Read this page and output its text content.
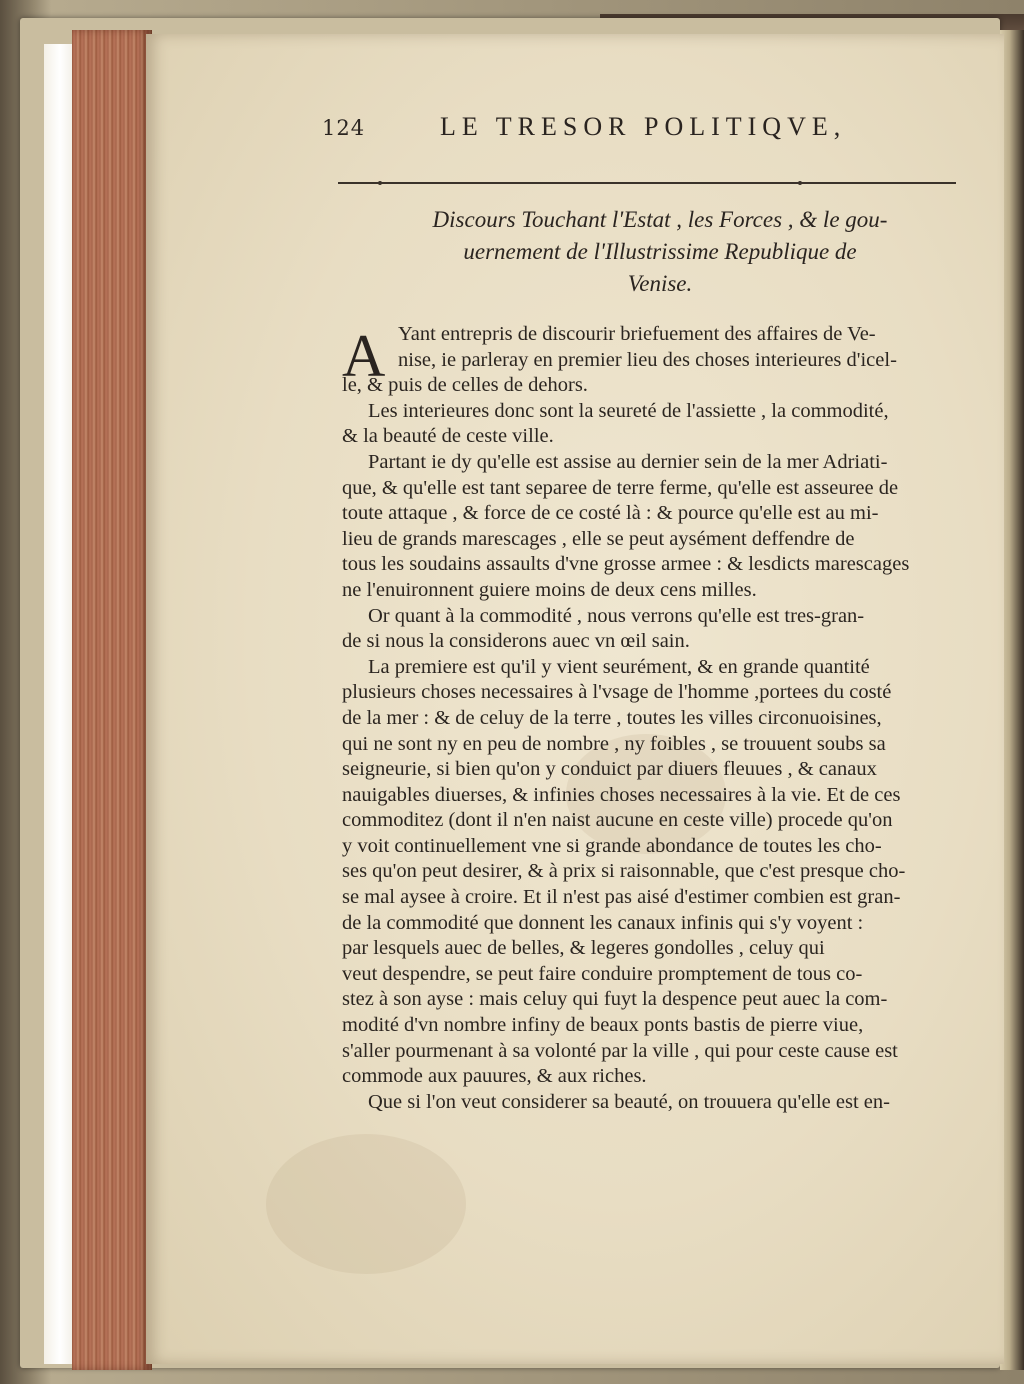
124	LE TRESOR POLITIQVE,
Discours Touchant l'Estat , les Forces , & le gou-
uernement de l'Illustrissime Republique de
Venise.
A Yant entrepris de discourir briefuement des affaires de Ve-
nise, ie parleray en premier lieu des choses interieures d'icel-
le, & puis de celles de dehors.
Les interieures donc sont la seureté de l'assiette , la commodité,
& la beauté de ceste ville.
Partant ie dy qu'elle est assise au dernier sein de la mer Adriati-
que, & qu'elle est tant separee de terre ferme, qu'elle est asseuree de
toute attaque , & force de ce costé là : & pource qu'elle est au mi-
lieu de grands marescages , elle se peut aysément deffendre de
tous les soudains assaults d'vne grosse armee : & lesdicts marescages
ne l'enuironnent guiere moins de deux cens milles.
Or quant à la commodité , nous verrons qu'elle est tres-gran-
de si nous la considerons auec vn œil sain.
La premiere est qu'il y vient seurément, & en grande quantité
plusieurs choses necessaires à l'vsage de l'homme ,portees du costé
de la mer : & de celuy de la terre , toutes les villes circonuoisines,
qui ne sont ny en peu de nombre , ny foibles , se trouuent soubs sa
seigneurie, si bien qu'on y conduict par diuers fleuues , & canaux
nauigables diuerses, & infinies choses necessaires à la vie. Et de ces
commoditez (dont il n'en naist aucune en ceste ville) procede qu'on
y voit continuellement vne si grande abondance de toutes les cho-
ses qu'on peut desirer, & à prix si raisonnable, que c'est presque cho-
se mal aysee à croire. Et il n'est pas aisé d'estimer combien est gran-
de la commodité que donnent les canaux infinis qui s'y voyent :
par lesquels auec de belles, & legeres gondolles , celuy qui
veut despendre, se peut faire conduire promptement de tous co-
stez à son ayse : mais celuy qui fuyt la despence peut auec la com-
modité d'vn nombre infiny de beaux ponts bastis de pierre viue,
s'aller pourmenant à sa volonté par la ville , qui pour ceste cause est
commode aux pauures, & aux riches.
Que si l'on veut considerer sa beauté, on trouuera qu'elle est en-
